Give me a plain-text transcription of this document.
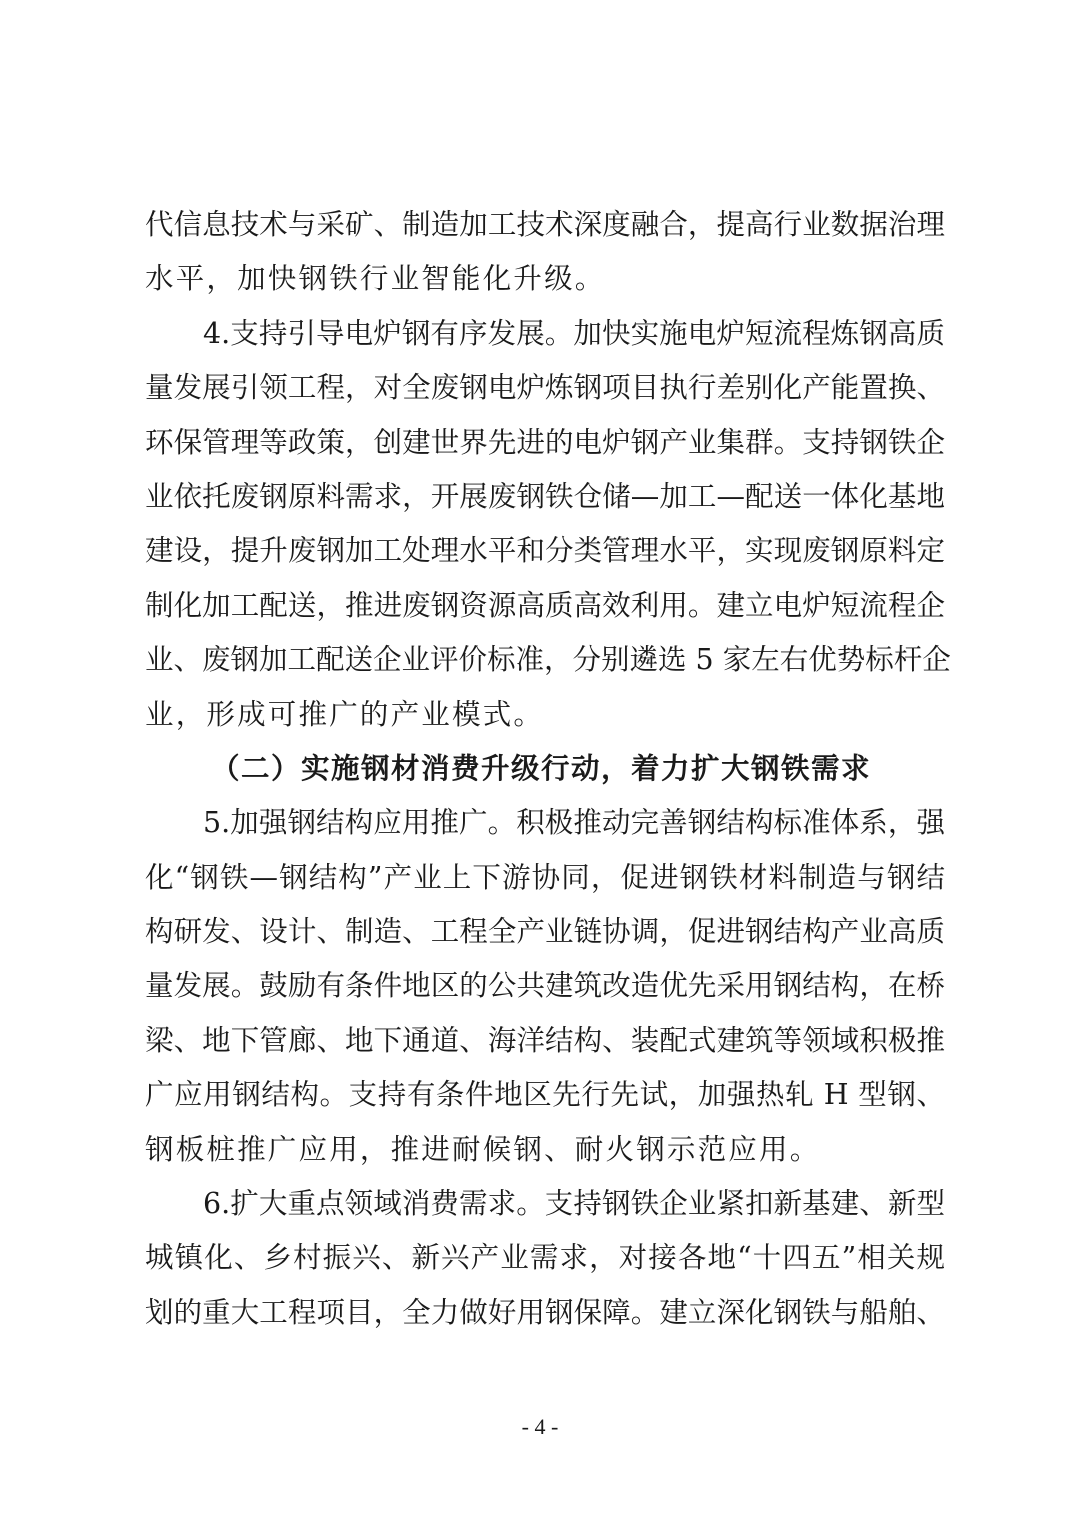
代信息技术与采矿、制造加工技术深度融合，提高行业数据治理
水平，加快钢铁行业智能化升级。
4.支持引导电炉钢有序发展。加快实施电炉短流程炼钢高质
量发展引领工程，对全废钢电炉炼钢项目执行差别化产能置换、
环保管理等政策，创建世界先进的电炉钢产业集群。支持钢铁企
业依托废钢原料需求，开展废钢铁仓储—加工—配送一体化基地
建设，提升废钢加工处理水平和分类管理水平，实现废钢原料定
制化加工配送，推进废钢资源高质高效利用。建立电炉短流程企
业、废钢加工配送企业评价标准，分别遴选 5 家左右优势标杆企
业，形成可推广的产业模式。
（二）实施钢材消费升级行动，着力扩大钢铁需求
5.加强钢结构应用推广。积极推动完善钢结构标准体系，强
化“钢铁—钢结构”产业上下游协同，促进钢铁材料制造与钢结
构研发、设计、制造、工程全产业链协调，促进钢结构产业高质
量发展。鼓励有条件地区的公共建筑改造优先采用钢结构，在桥
梁、地下管廊、地下通道、海洋结构、装配式建筑等领域积极推
广应用钢结构。支持有条件地区先行先试，加强热轧 H 型钢、
钢板桩推广应用，推进耐候钢、耐火钢示范应用。
6.扩大重点领域消费需求。支持钢铁企业紧扣新基建、新型
城镇化、乡村振兴、新兴产业需求，对接各地“十四五”相关规
划的重大工程项目，全力做好用钢保障。建立深化钢铁与船舶、
- 4 -
